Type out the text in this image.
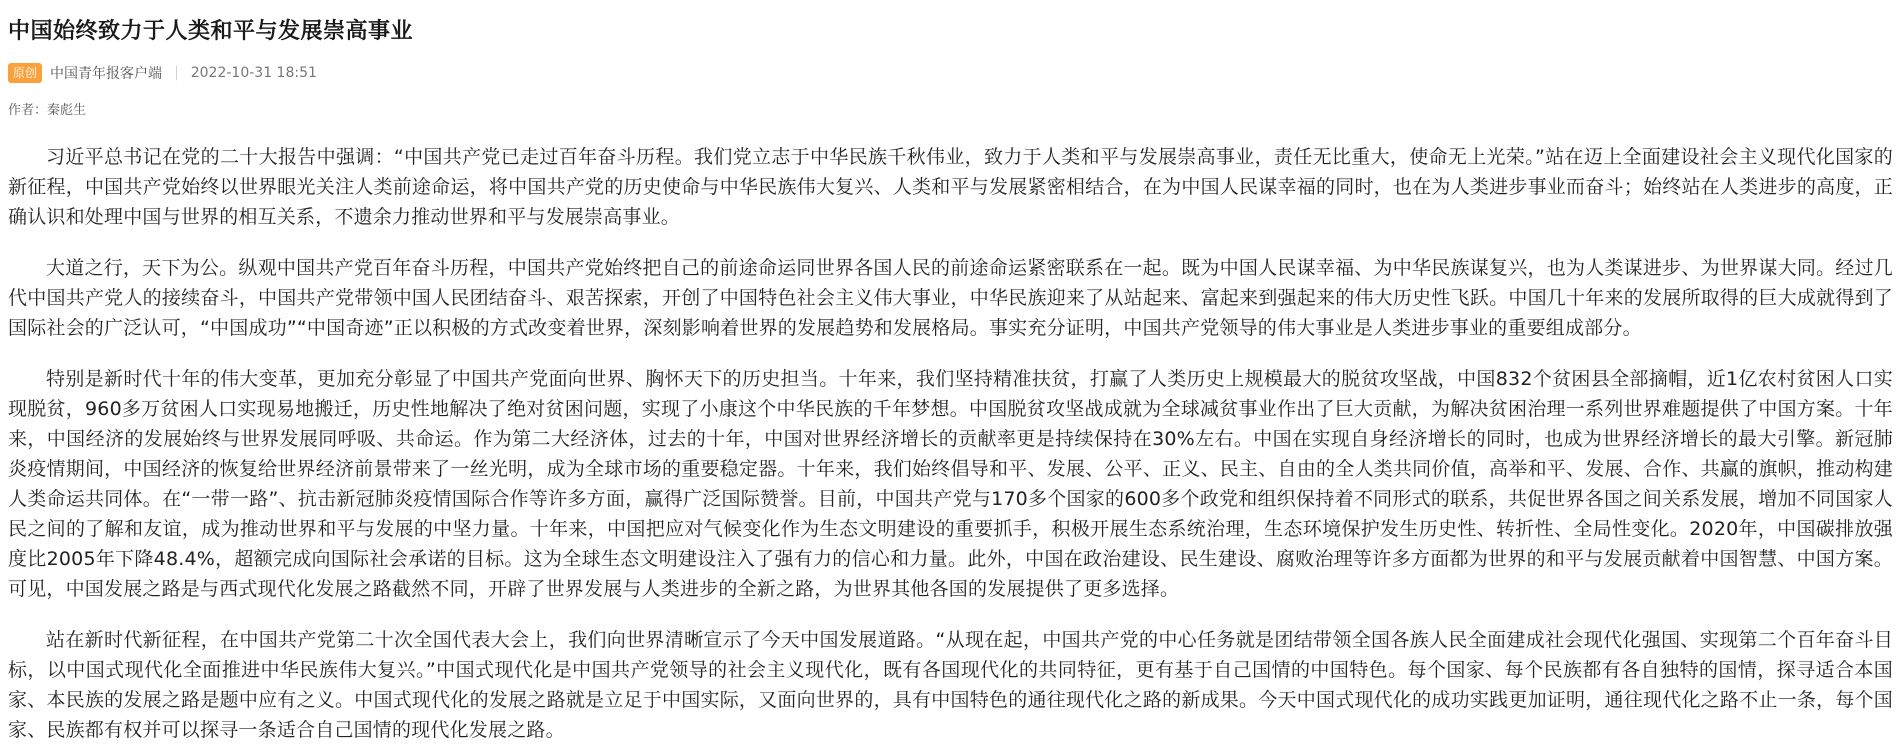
中国始终致力于人类和平与发展崇高事业
原创 中国青年报客户端 | 2022-10-31 18:51
作者：秦彪生

习近平总书记在党的二十大报告中强调：“中国共产党已走过百年奋斗历程。我们党立志于中华民族千秋伟业，致力于人类和平与发展崇高事业，责任无比重大，使命无上光荣。”站在迈上全面建设社会主义现代化国家的新征程，中国共产党始终以世界眼光关注人类前途命运，将中国共产党的历史使命与中华民族伟大复兴、人类和平与发展紧密相结合，在为中国人民谋幸福的同时，也在为人类进步事业而奋斗；始终站在人类进步的高度，正确认识和处理中国与世界的相互关系，不遗余力推动世界和平与发展崇高事业。

大道之行，天下为公。纵观中国共产党百年奋斗历程，中国共产党始终把自己的前途命运同世界各国人民的前途命运紧密联系在一起。既为中国人民谋幸福、为中华民族谋复兴，也为人类谋进步、为世界谋大同。经过几代中国共产党人的接续奋斗，中国共产党带领中国人民团结奋斗、艰苦探索，开创了中国特色社会主义伟大事业，中华民族迎来了从站起来、富起来到强起来的伟大历史性飞跃。中国几十年来的发展所取得的巨大成就得到了国际社会的广泛认可，“中国成功”“中国奇迹”正以积极的方式改变着世界，深刻影响着世界的发展趋势和发展格局。事实充分证明，中国共产党领导的伟大事业是人类进步事业的重要组成部分。

特别是新时代十年的伟大变革，更加充分彰显了中国共产党面向世界、胸怀天下的历史担当。十年来，我们坚持精准扶贫，打赢了人类历史上规模最大的脱贫攻坚战，中国832个贫困县全部摘帽，近1亿农村贫困人口实现脱贫，960多万贫困人口实现易地搬迁，历史性地解决了绝对贫困问题，实现了小康这个中华民族的千年梦想。中国脱贫攻坚战成就为全球减贫事业作出了巨大贡献，为解决贫困治理一系列世界难题提供了中国方案。十年来，中国经济的发展始终与世界发展同呼吸、共命运。作为第二大经济体，过去的十年，中国对世界经济增长的贡献率更是持续保持在30%左右。中国在实现自身经济增长的同时，也成为世界经济增长的最大引擎。新冠肺炎疫情期间，中国经济的恢复给世界经济前景带来了一丝光明，成为全球市场的重要稳定器。十年来，我们始终倡导和平、发展、公平、正义、民主、自由的全人类共同价值，高举和平、发展、合作、共赢的旗帜，推动构建人类命运共同体。在“一带一路”、抗击新冠肺炎疫情国际合作等许多方面，赢得广泛国际赞誉。目前，中国共产党与170多个国家的600多个政党和组织保持着不同形式的联系，共促世界各国之间关系发展，增加不同国家人民之间的了解和友谊，成为推动世界和平与发展的中坚力量。十年来，中国把应对气候变化作为生态文明建设的重要抓手，积极开展生态系统治理，生态环境保护发生历史性、转折性、全局性变化。2020年，中国碳排放强度比2005年下降48.4%，超额完成向国际社会承诺的目标。这为全球生态文明建设注入了强有力的信心和力量。此外，中国在政治建设、民生建设、腐败治理等许多方面都为世界的和平与发展贡献着中国智慧、中国方案。可见，中国发展之路是与西式现代化发展之路截然不同，开辟了世界发展与人类进步的全新之路，为世界其他各国的发展提供了更多选择。

站在新时代新征程，在中国共产党第二十次全国代表大会上，我们向世界清晰宣示了今天中国发展道路。“从现在起，中国共产党的中心任务就是团结带领全国各族人民全面建成社会现代化强国、实现第二个百年奋斗目标，以中国式现代化全面推进中华民族伟大复兴。”中国式现代化是中国共产党领导的社会主义现代化，既有各国现代化的共同特征，更有基于自己国情的中国特色。每个国家、每个民族都有各自独特的国情，探寻适合本国家、本民族的发展之路是题中应有之义。中国式现代化的发展之路就是立足于中国实际，又面向世界的，具有中国特色的通往现代化之路的新成果。今天中国式现代化的成功实践更加证明，通往现代化之路不止一条，每个国家、民族都有权并可以探寻一条适合自己国情的现代化发展之路。
